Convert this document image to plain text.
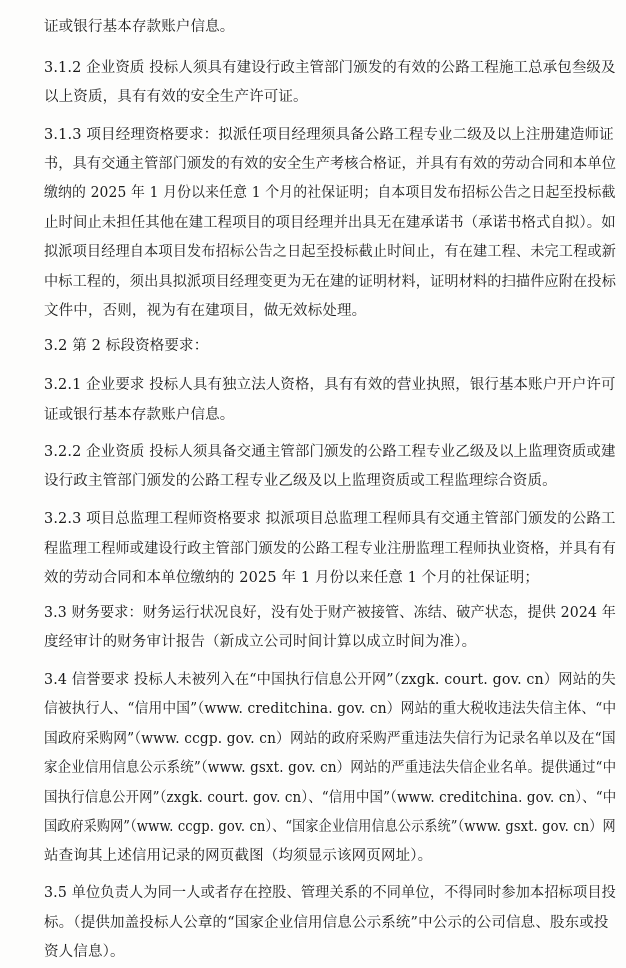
证或银行基本存款账户信息。
3.1.2 企业资质 投标人须具有建设行政主管部门颁发的有效的公路工程施工总承包叁级及
以上资质，具有有效的安全生产许可证。
3.1.3 项目经理资格要求：拟派任项目经理须具备公路工程专业二级及以上注册建造师证
书，具有交通主管部门颁发的有效的安全生产考核合格证，并具有有效的劳动合同和本单位
缴纳的 2025 年 1 月份以来任意 1 个月的社保证明；自本项目发布招标公告之日起至投标截
止时间止未担任其他在建工程项目的项目经理并出具无在建承诺书（承诺书格式自拟）。如
拟派项目经理自本项目发布招标公告之日起至投标截止时间止，有在建工程、未完工程或新
中标工程的，须出具拟派项目经理变更为无在建的证明材料，证明材料的扫描件应附在投标
文件中，否则，视为有在建项目，做无效标处理。
3.2 第 2 标段资格要求：
3.2.1 企业要求 投标人具有独立法人资格，具有有效的营业执照，银行基本账户开户许可
证或银行基本存款账户信息。
3.2.2 企业资质 投标人须具备交通主管部门颁发的公路工程专业乙级及以上监理资质或建
设行政主管部门颁发的公路工程专业乙级及以上监理资质或工程监理综合资质。
3.2.3 项目总监理工程师资格要求 拟派项目总监理工程师具有交通主管部门颁发的公路工
程监理工程师或建设行政主管部门颁发的公路工程专业注册监理工程师执业资格，并具有有
效的劳动合同和本单位缴纳的 2025 年 1 月份以来任意 1 个月的社保证明；
3.3 财务要求：财务运行状况良好，没有处于财产被接管、冻结、破产状态，提供 2024 年
度经审计的财务审计报告（新成立公司时间计算以成立时间为准）。
3.4 信誉要求 投标人未被列入在“中国执行信息公开网”（zxgk. court. gov. cn）网站的失
信被执行人、“信用中国”（www. creditchina. gov. cn）网站的重大税收违法失信主体、“中
国政府采购网”（www. ccgp. gov. cn）网站的政府采购严重违法失信行为记录名单以及在“国
家企业信用信息公示系统”（www. gsxt. gov. cn）网站的严重违法失信企业名单。提供通过“中
国执行信息公开网”（zxgk. court. gov. cn）、“信用中国”（www. creditchina. gov. cn）、“中
国政府采购网”（www. ccgp. gov. cn）、“国家企业信用信息公示系统”（www. gsxt. gov. cn）网
站查询其上述信用记录的网页截图（均须显示该网页网址）。
3.5 单位负责人为同一人或者存在控股、管理关系的不同单位，不得同时参加本招标项目投
标。（提供加盖投标人公章的“国家企业信用信息公示系统”中公示的公司信息、股东或投
资人信息）。
